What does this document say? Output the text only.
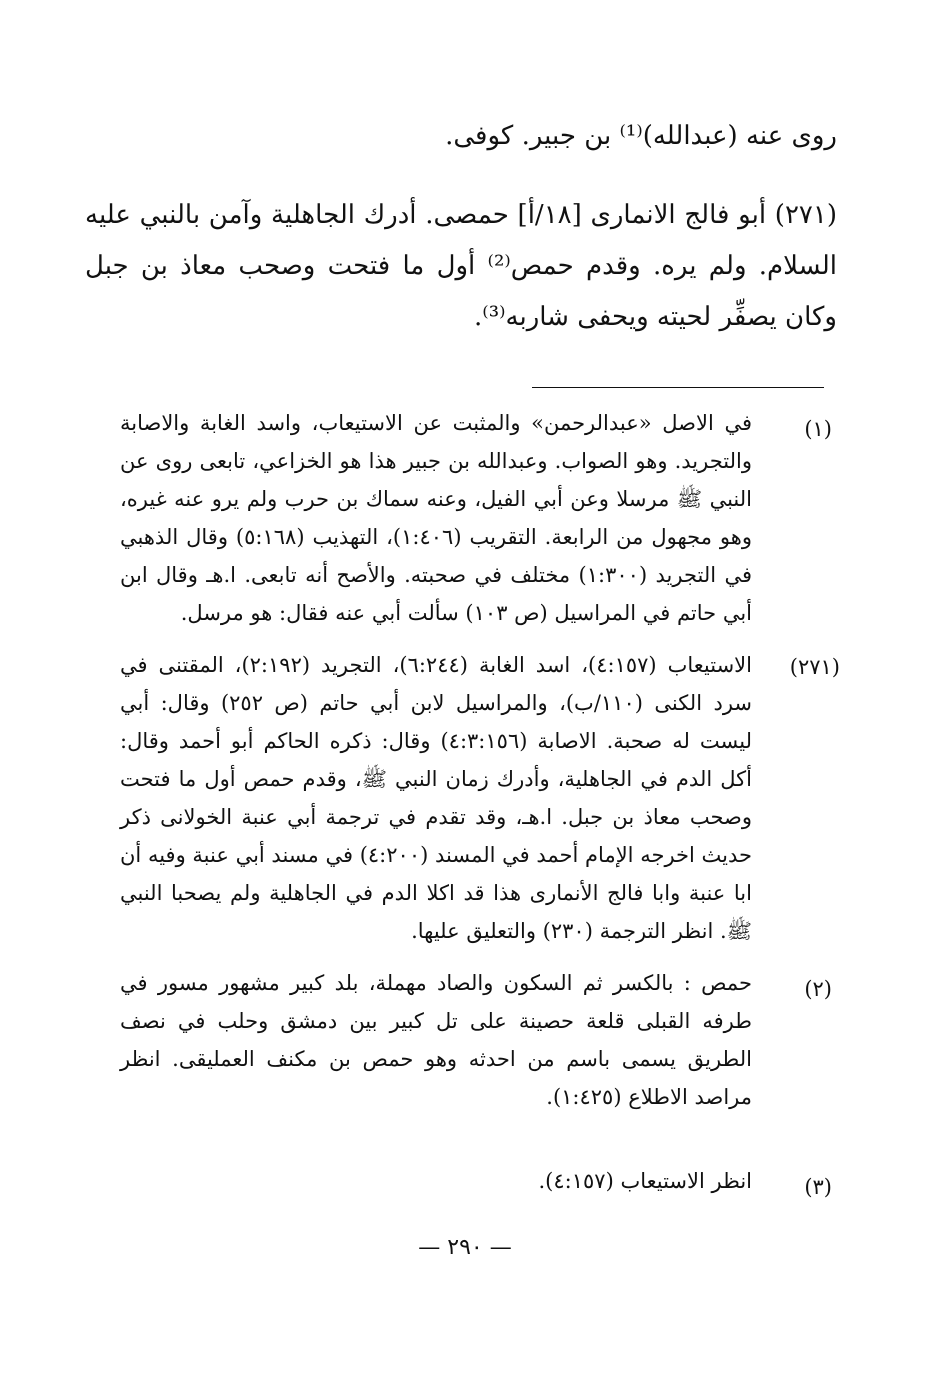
روى عنه (عبدالله)⁽¹⁾ بن جبير. كوفى.
(٢٧١) أبو فالج الانمارى [١٨/أ] حمصى. أدرك الجاهلية وآمن بالنبي عليه السلام. ولم يره. وقدم حمص⁽²⁾ أول ما فتحت وصحب معاذ بن جبل وكان يصفِّر لحيته ويحفى شاربه⁽³⁾.
(١)
في الاصل «عبدالرحمن» والمثبت عن الاستيعاب، واسد الغابة والاصابة والتجريد. وهو الصواب. وعبدالله بن جبير هذا هو الخزاعي، تابعى روى عن النبي ﷺ مرسلا وعن أبي الفيل، وعنه سماك بن حرب ولم يرو عنه غيره، وهو مجهول من الرابعة. التقريب (١:٤٠٦)، التهذيب (٥:١٦٨) وقال الذهبي في التجريد (١:٣٠٠) مختلف في صحبته. والأصح أنه تابعى. ا.هـ وقال ابن أبي حاتم في المراسيل (ص ١٠٣) سألت أبي عنه فقال: هو مرسل.
(٢٧١)
الاستيعاب (٤:١٥٧)، اسد الغابة (٦:٢٤٤)، التجريد (٢:١٩٢)، المقتنى في سرد الكنى (١١٠/ب)، والمراسيل لابن أبي حاتم (ص ٢٥٢) وقال: أبي ليست له صحبة. الاصابة (٤:٣:١٥٦) وقال: ذكره الحاكم أبو أحمد وقال: أكل الدم في الجاهلية، وأدرك زمان النبي ﷺ، وقدم حمص أول ما فتحت وصحب معاذ بن جبل. ا.هـ، وقد تقدم في ترجمة أبي عنبة الخولانى ذكر حديث اخرجه الإمام أحمد في المسند (٤:٢٠٠) في مسند أبي عنبة وفيه أن ابا عنبة وابا فالج الأنمارى هذا قد اكلا الدم في الجاهلية ولم يصحبا النبي ﷺ. انظر الترجمة (٢٣٠) والتعليق عليها.
(٢)
حمص : بالكسر ثم السكون والصاد مهملة، بلد كبير مشهور مسور في طرفه القبلى قلعة حصينة على تل كبير بين دمشق وحلب في نصف الطريق يسمى باسم من احدثه وهو حمص بن مكنف العمليقى. انظر مراصد الاطلاع (١:٤٢٥).
(٣)
انظر الاستيعاب (٤:١٥٧).
— ٢٩٠ —
